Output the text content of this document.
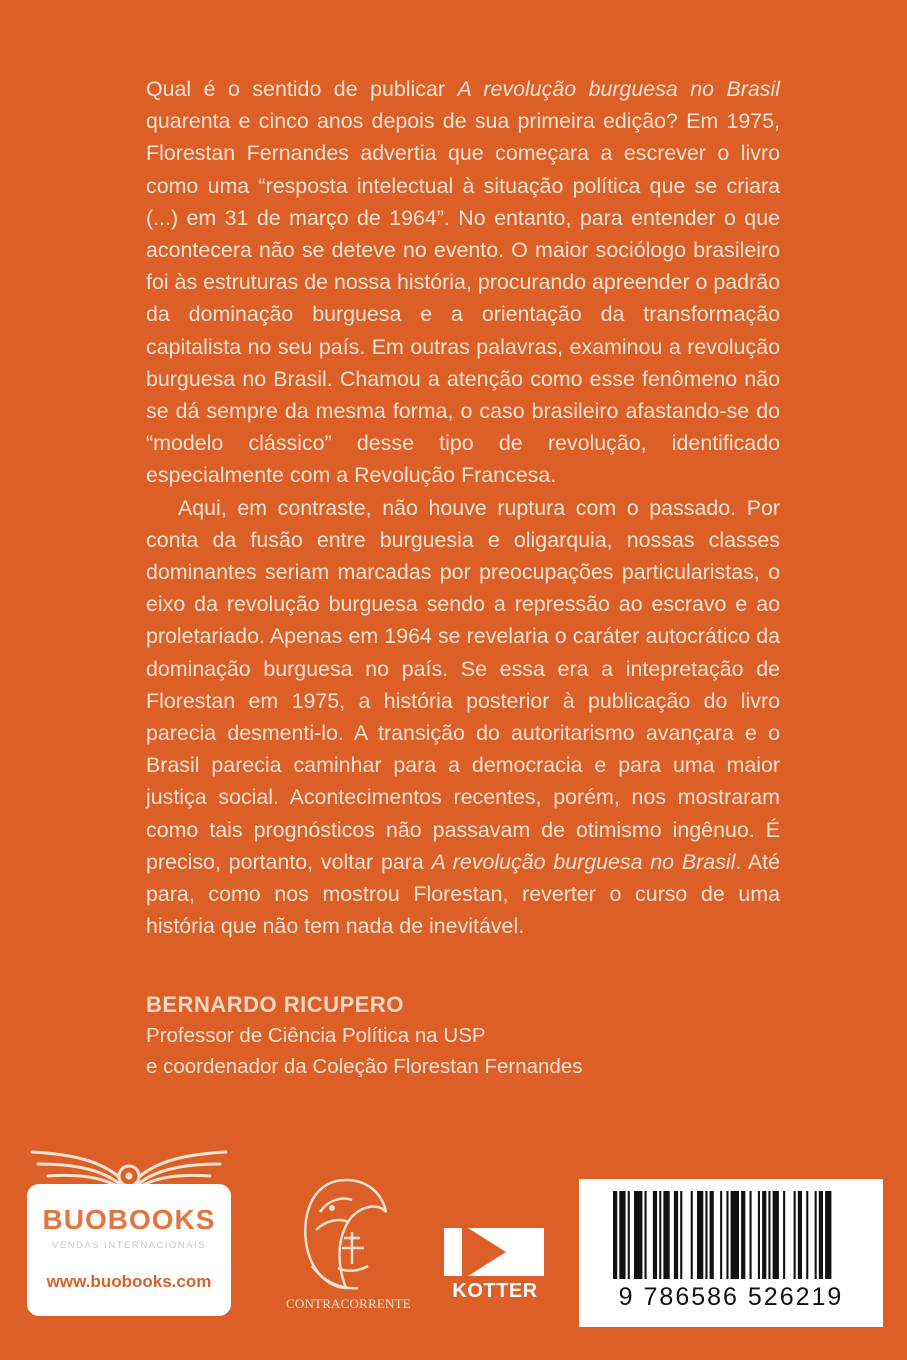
Qual é o sentido de publicar A revolução burguesa no Brasil quarenta e cinco anos depois de sua primeira edição? Em 1975, Florestan Fernandes advertia que começara a escrever o livro como uma “resposta intelectual à situação política que se criara (...) em 31 de março de 1964”. No entanto, para entender o que acontecera não se deteve no evento. O maior sociólogo brasileiro foi às estruturas de nossa história, procurando apreender o padrão da dominação burguesa e a orientação da transformação capitalista no seu país. Em outras palavras, examinou a revolução burguesa no Brasil. Chamou a atenção como esse fenômeno não se dá sempre da mesma forma, o caso brasileiro afastando-se do “modelo clássico” desse tipo de revolução, identificado especialmente com a Revolução Francesa.

Aqui, em contraste, não houve ruptura com o passado. Por conta da fusão entre burguesia e oligarquia, nossas classes dominantes seriam marcadas por preocupações particularistas, o eixo da revolução burguesa sendo a repressão ao escravo e ao proletariado. Apenas em 1964 se revelaria o caráter autocrático da dominação burguesa no país. Se essa era a intepretação de Florestan em 1975, a história posterior à publicação do livro parecia desmenti-lo. A transição do autoritarismo avançara e o Brasil parecia caminhar para a democracia e para uma maior justiça social. Acontecimentos recentes, porém, nos mostraram como tais prognósticos não passavam de otimismo ingênuo. É preciso, portanto, voltar para A revolução burguesa no Brasil. Até para, como nos mostrou Florestan, reverter o curso de uma história que não tem nada de inevitável.

BERNARDO RICUPERO
Professor de Ciência Política na USP
e coordenador da Coleção Florestan Fernandes
BUOBOOKS
VENDAS INTERNACIONAIS
www.buobooks.com
CONTRACORRENTE
KOTTER	9 786586 526219
